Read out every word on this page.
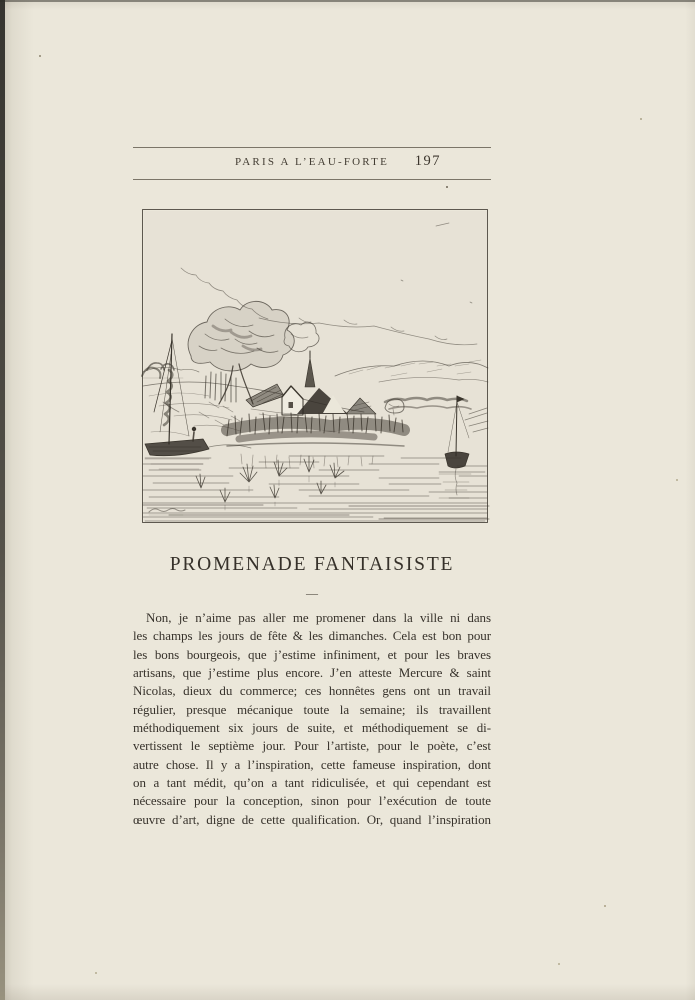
PARIS A L’EAU-FORTE	197
PROMENADE FANTAISISTE
—
Non, je n’aime pas aller me promener dans la ville ni dans
les champs les jours de fête & les dimanches. Cela est bon pour
les bons bourgeois, que j’estime infiniment, et pour les braves
artisans, que j’estime plus encore. J’en atteste Mercure & saint
Nicolas, dieux du commerce; ces honnêtes gens ont un travail
régulier, presque mécanique toute la semaine; ils travaillent
méthodiquement six jours de suite, et méthodiquement se di-
vertissent le septième jour. Pour l’artiste, pour le poète, c’est
autre chose. Il y a l’inspiration, cette fameuse inspiration, dont
on a tant médit, qu’on a tant ridiculisée, et qui cependant est
nécessaire pour la conception, sinon pour l’exécution de toute
œuvre d’art, digne de cette qualification. Or, quand l’inspiration
